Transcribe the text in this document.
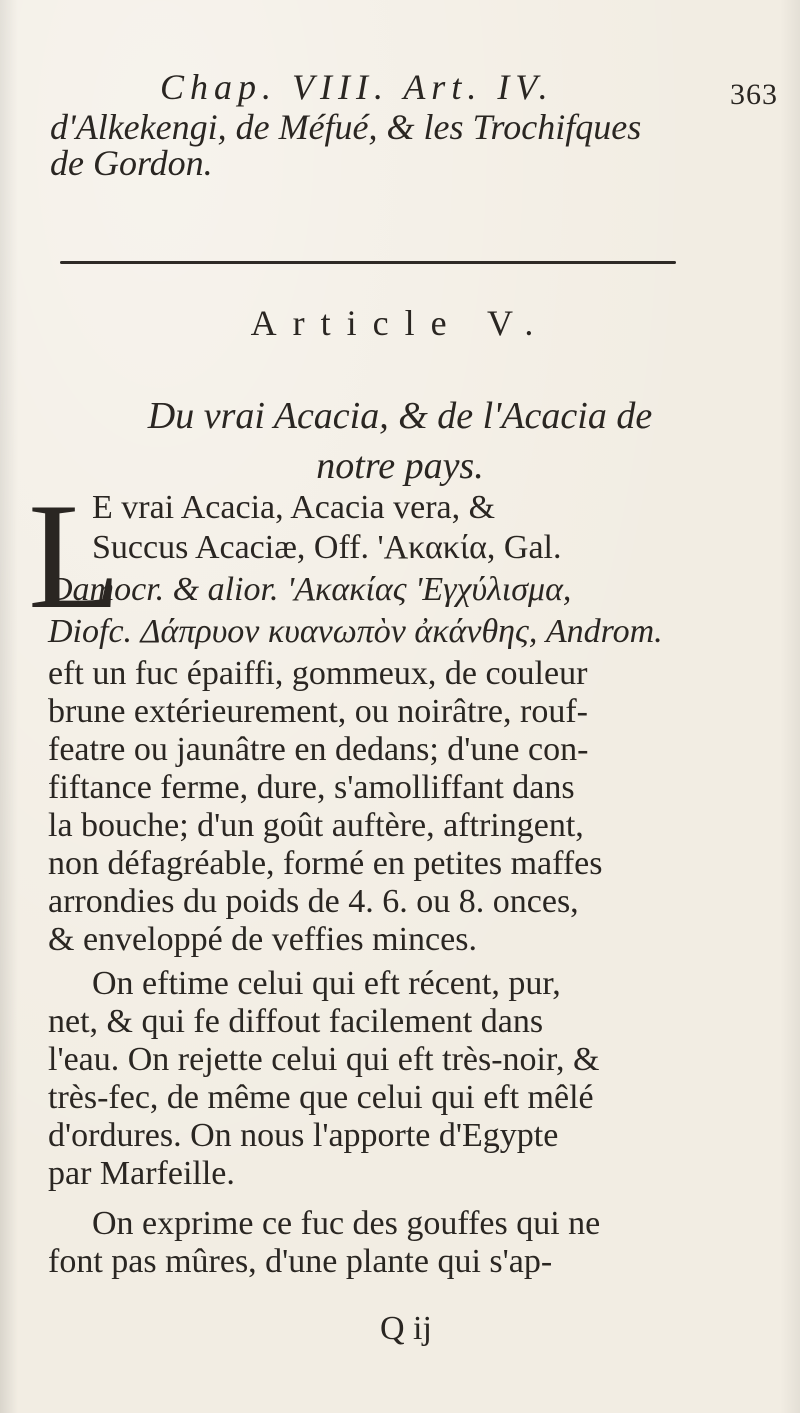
Chap. VIII. Art. IV.	363
d'Alkekengi, de Méfué, & les Trochifques
de Gordon.
Article V.
Du vrai Acacia, & de l'Acacia de
notre pays.
L
E vrai Acacia, Acacia vera, &
Succus Acaciæ, Off. 'Ακακία, Gal.
Damocr. & alior. 'Ακακίας 'Εγχύλισμα,
Diofc. Δάπρυον κυανωπὸν ἀκάνθης, Androm.
eft un fuc épaiffi, gommeux, de couleur
brune extérieurement, ou noirâtre, rouf-
featre ou jaunâtre en dedans; d'une con-
fiftance ferme, dure, s'amolliffant dans
la bouche; d'un goût auftère, aftringent,
non défagréable, formé en petites maffes
arrondies du poids de 4. 6. ou 8. onces,
& enveloppé de veffies minces.
On eftime celui qui eft récent, pur,
net, & qui fe diffout facilement dans
l'eau. On rejette celui qui eft très-noir, &
très-fec, de même que celui qui eft mêlé
d'ordures. On nous l'apporte d'Egypte
par Marfeille.
On exprime ce fuc des gouffes qui ne
font pas mûres, d'une plante qui s'ap-
Q ij
